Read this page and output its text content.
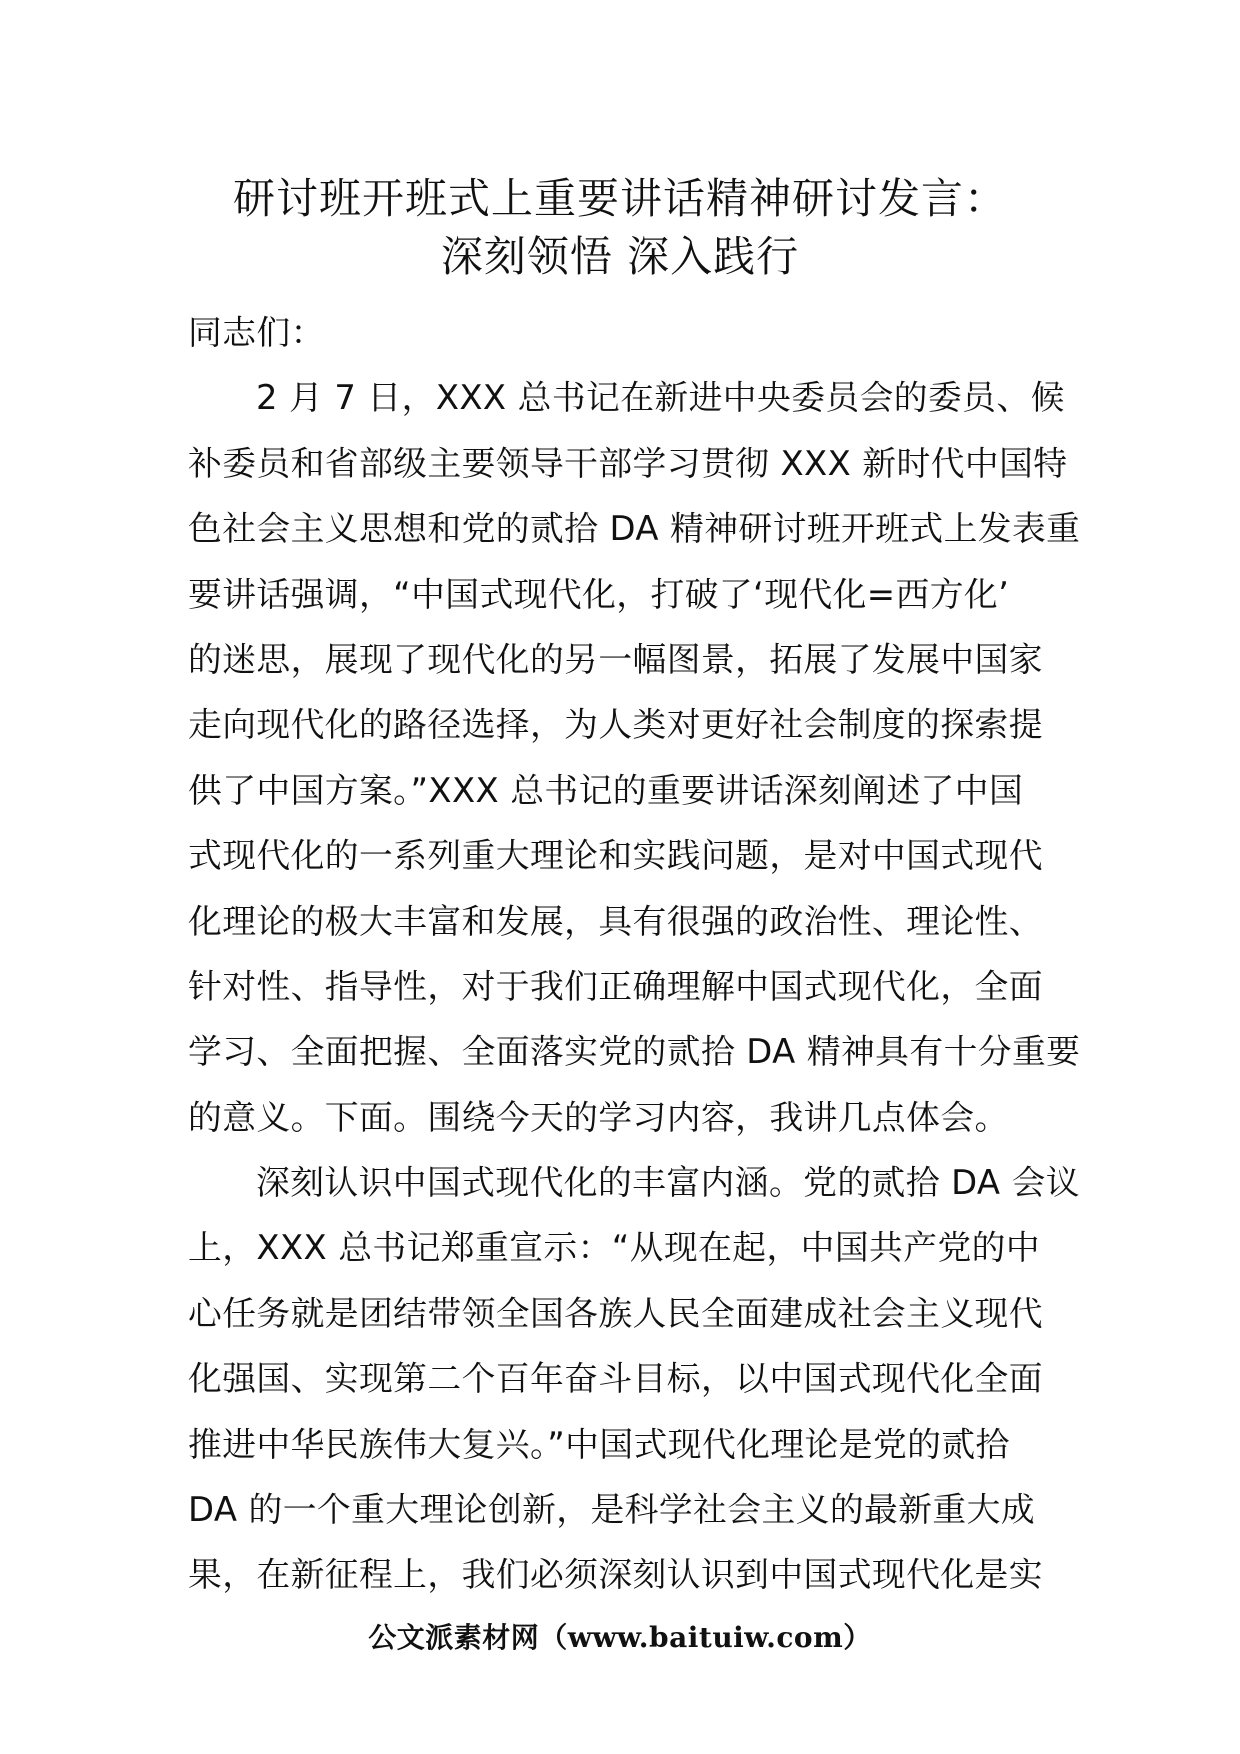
研讨班开班式上重要讲话精神研讨发言：
深刻领悟 深入践行
同志们：
2 月 7 日，XXX 总书记在新进中央委员会的委员、候
补委员和省部级主要领导干部学习贯彻 XXX 新时代中国特
色社会主义思想和党的贰拾 DA 精神研讨班开班式上发表重
要讲话强调，“中国式现代化，打破了‘现代化=西方化’
的迷思，展现了现代化的另一幅图景，拓展了发展中国家
走向现代化的路径选择，为人类对更好社会制度的探索提
供了中国方案。”XXX 总书记的重要讲话深刻阐述了中国
式现代化的一系列重大理论和实践问题，是对中国式现代
化理论的极大丰富和发展，具有很强的政治性、理论性、
针对性、指导性，对于我们正确理解中国式现代化，全面
学习、全面把握、全面落实党的贰拾 DA 精神具有十分重要
的意义。下面。围绕今天的学习内容，我讲几点体会。
深刻认识中国式现代化的丰富内涵。党的贰拾 DA 会议
上，XXX 总书记郑重宣示：“从现在起，中国共产党的中
心任务就是团结带领全国各族人民全面建成社会主义现代
化强国、实现第二个百年奋斗目标，以中国式现代化全面
推进中华民族伟大复兴。”中国式现代化理论是党的贰拾
DA 的一个重大理论创新，是科学社会主义的最新重大成
果，在新征程上，我们必须深刻认识到中国式现代化是实
公文派素材网（www.baituiw.com）
